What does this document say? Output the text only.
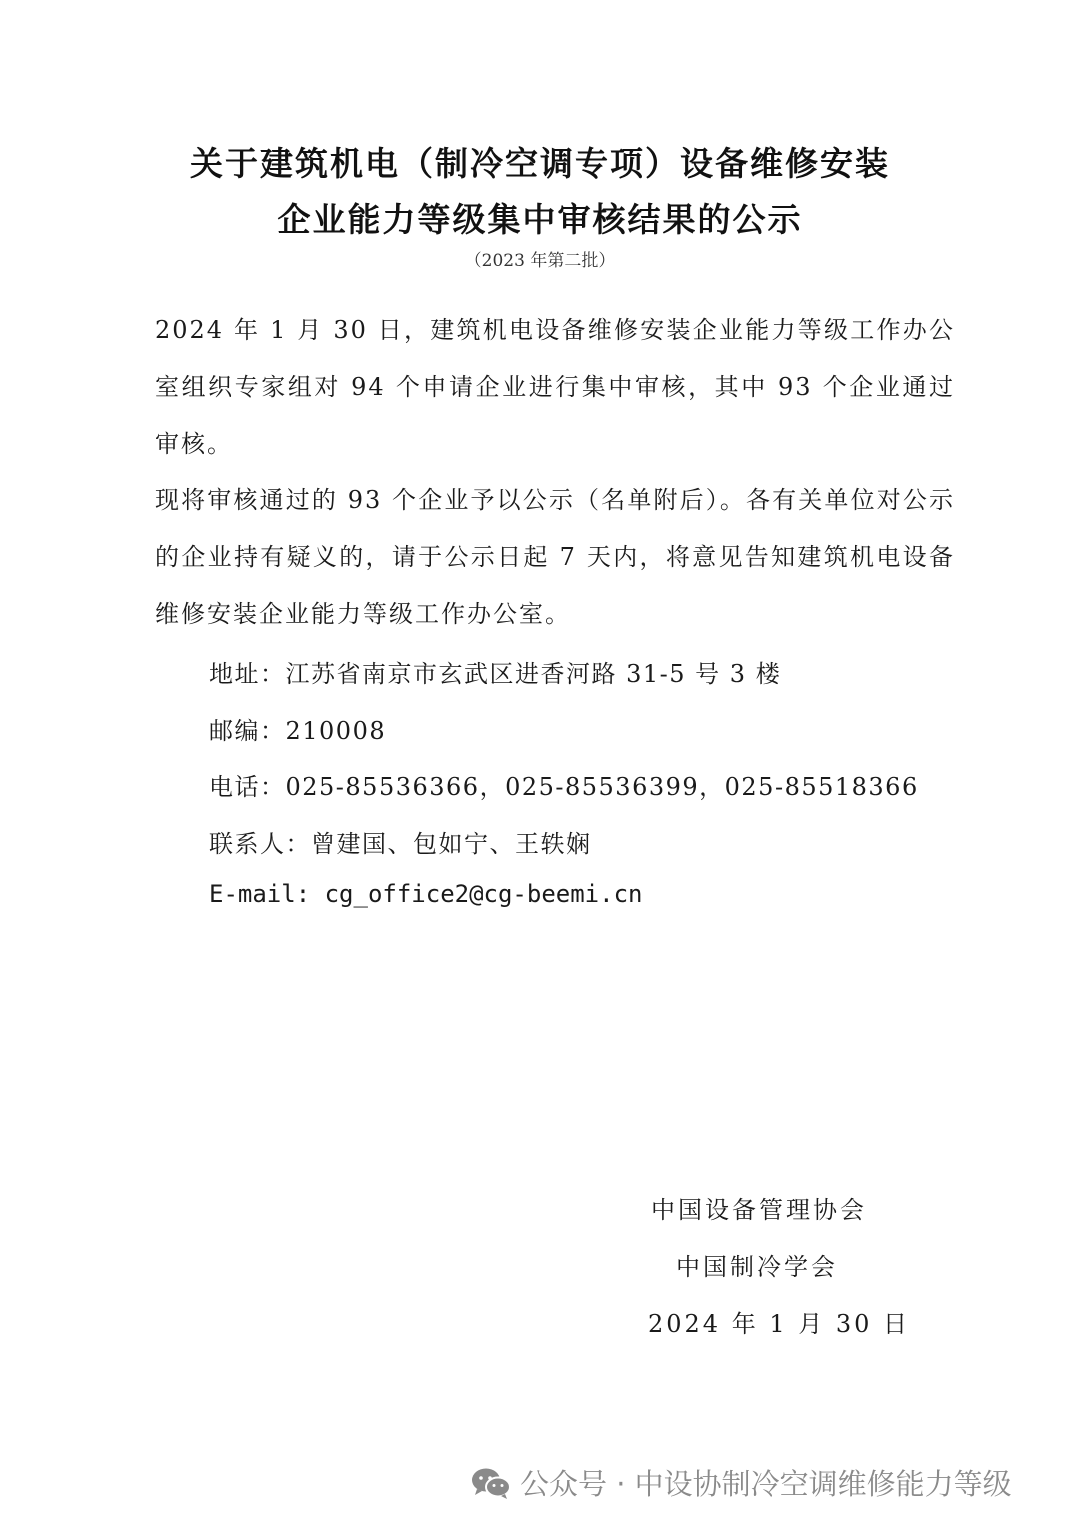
关于建筑机电（制冷空调专项）设备维修安装
企业能力等级集中审核结果的公示
（2023 年第二批）
2024 年 1 月 30 日，建筑机电设备维修安装企业能力等级工作办公室组织专家组对 94 个申请企业进行集中审核，其中 93 个企业通过审核。
现将审核通过的 93 个企业予以公示（名单附后）。各有关单位对公示的企业持有疑义的，请于公示日起 7 天内，将意见告知建筑机电设备维修安装企业能力等级工作办公室。
地址：江苏省南京市玄武区进香河路 31-5 号 3 楼
邮编：210008
电话：025-85536366，025-85536399，025-85518366
联系人：曾建国、包如宁、王轶娴
E-mail: cg_office2@cg-beemi.cn
中国设备管理协会
中国制冷学会
2024 年 1 月 30 日
公众号 · 中设协制冷空调维修能力等级
